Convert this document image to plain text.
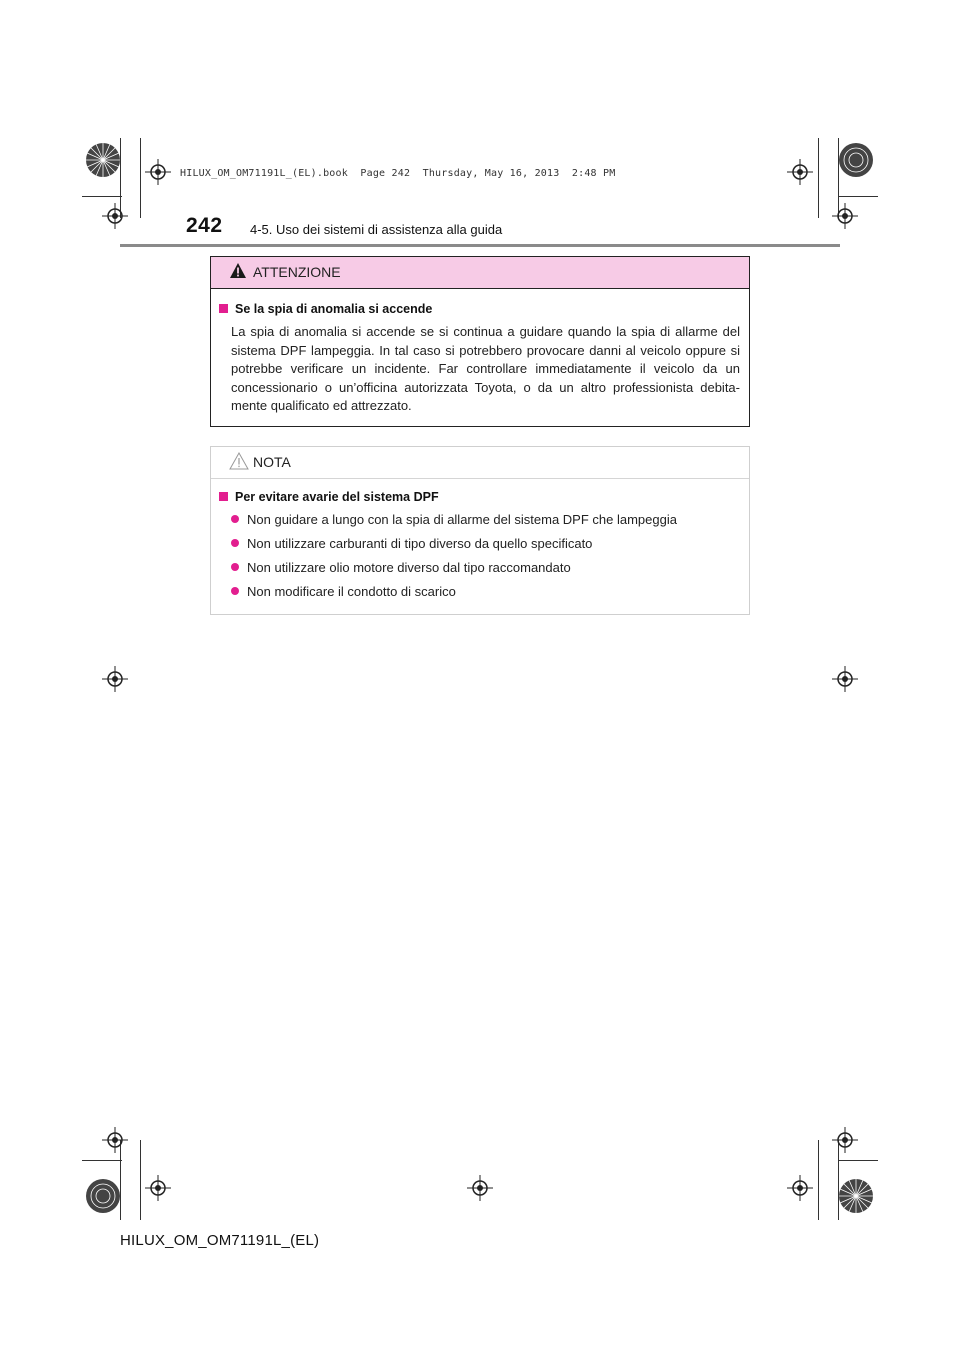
HILUX_OM_OM71191L_(EL).book  Page 242  Thursday, May 16, 2013  2:48 PM
242 4-5. Uso dei sistemi di assistenza alla guida
ATTENZIONE
Se la spia di anomalia si accende
La spia di anomalia si accende se si continua a guidare quando la spia di allarme del sistema DPF lampeggia. In tal caso si potrebbero provocare danni al veicolo oppure si potrebbe verificare un incidente. Far controllare immediatamente il veicolo da un concessionario o un’officina autorizzata Toyota, o da un altro professionista debita-mente qualificato ed attrezzato.
NOTA
Per evitare avarie del sistema DPF
Non guidare a lungo con la spia di allarme del sistema DPF che lampeggia
Non utilizzare carburanti di tipo diverso da quello specificato
Non utilizzare olio motore diverso dal tipo raccomandato
Non modificare il condotto di scarico
HILUX_OM_OM71191L_(EL)
